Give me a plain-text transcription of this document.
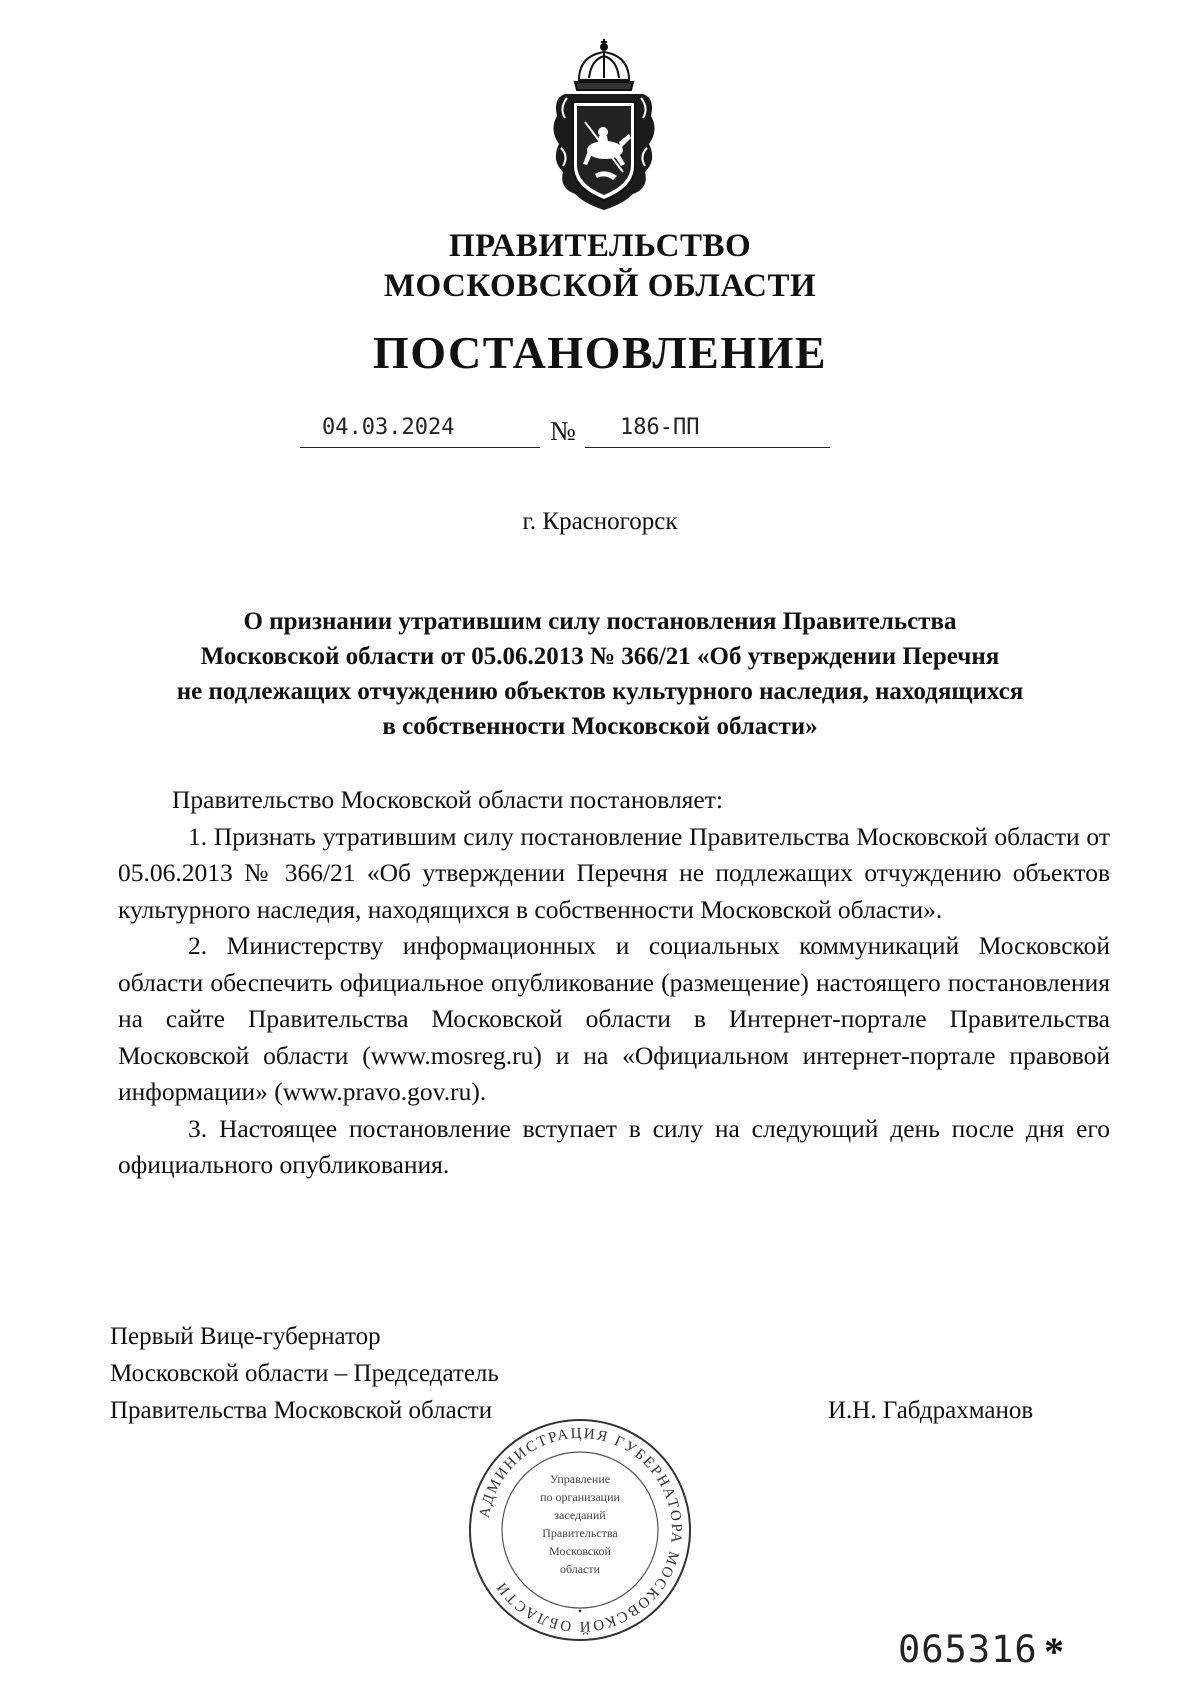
ПРАВИТЕЛЬСТВО
МОСКОВСКОЙ ОБЛАСТИ
ПОСТАНОВЛЕНИЕ
04.03.2024	№ 186-ПП
г. Красногорск
О признании утратившим силу постановления Правительства
Московской области от 05.06.2013 № 366/21 «Об утверждении Перечня
не подлежащих отчуждению объектов культурного наследия, находящихся
в собственности Московской области»

Правительство Московской области постановляет:

1. Признать утратившим силу постановление Правительства Московской области от 05.06.2013 № 366/21 «Об утверждении Перечня не подлежащих отчуждению объектов культурного наследия, находящихся в собственности Московской области».

2. Министерству информационных и социальных коммуникаций Московской области обеспечить официальное опубликование (размещение) настоящего постановления на сайте Правительства Московской области в Интернет-портале Правительства Московской области (www.mosreg.ru) и на «Официальном интернет-портале правовой информации» (www.pravo.gov.ru).

3. Настоящее постановление вступает в силу на следующий день после дня его официального опубликования.

Первый Вице-губернатор
Московской области – Председатель
Правительства Московской области	И.Н. Габдрахманов
АДМИНИСТРАЦИЯ ГУБЕРНАТОРА МОСКОВСКОЙ ОБЛАСТИ
Управление
по организации
заседаний
Правительства
Московской
области
•
065316 *
